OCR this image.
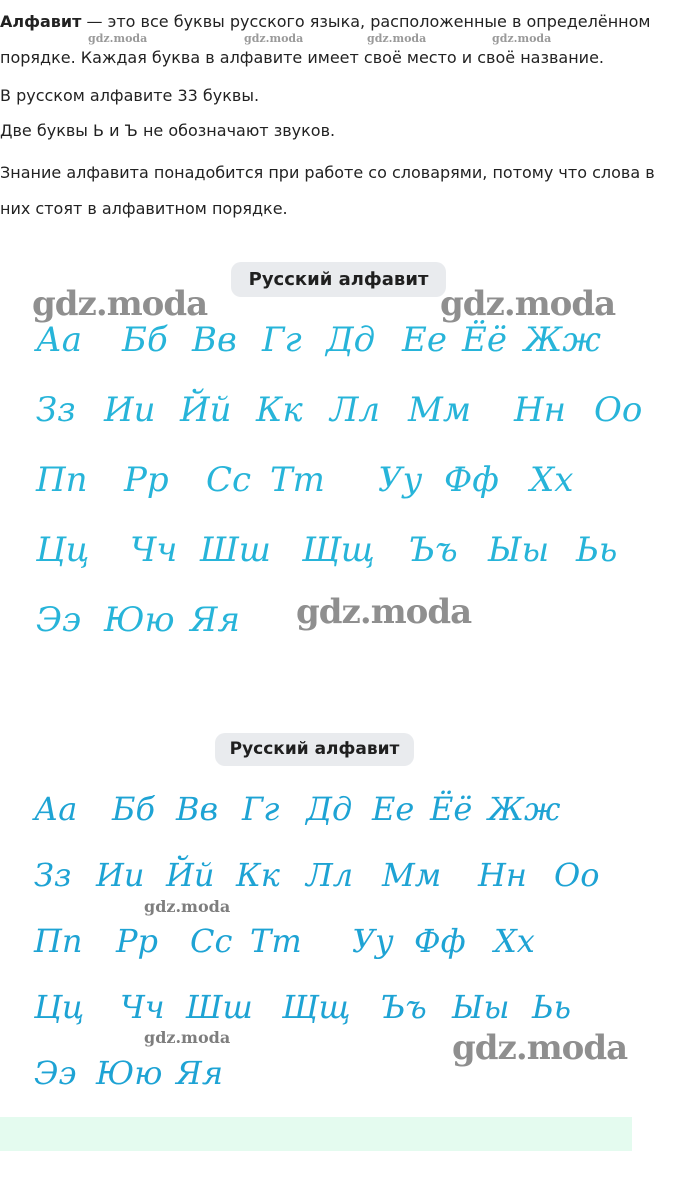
Алфавит — это все буквы русского языка, расположенные в определённом порядке. Каждая буква в алфавите имеет своё место и своё название.

В русском алфавите 33 буквы.

Две буквы Ь и Ъ не обозначают звуков.

Знание алфавита понадобится при работе со словарями, потому что слова в них стоят в алфавитном порядке.

gdz.moda	gdz.moda	gdz.moda	gdz.moda
Русский алфавит
gdz.moda	gdz.moda
gdz.moda
Аа Бб Вв Гг Дд Ее Ёё Жж
Зз Ии Йй Кк Лл Мм Нн Оо
Пп Рр Сс Тт Уу Фф Хх
Цц Чч Шш Щщ Ъъ Ыы Ьь
Ээ Юю Яя
Русский алфавит
gdz.moda
gdz.moda	gdz.moda
Аа Бб Вв Гг Дд Ее Ёё Жж
Зз Ии Йй Кк Лл Мм Нн Оо
Пп Рр Сс Тт Уу Фф Хх
Цц Чч Шш Щщ Ъъ Ыы Ьь
Ээ Юю Яя
